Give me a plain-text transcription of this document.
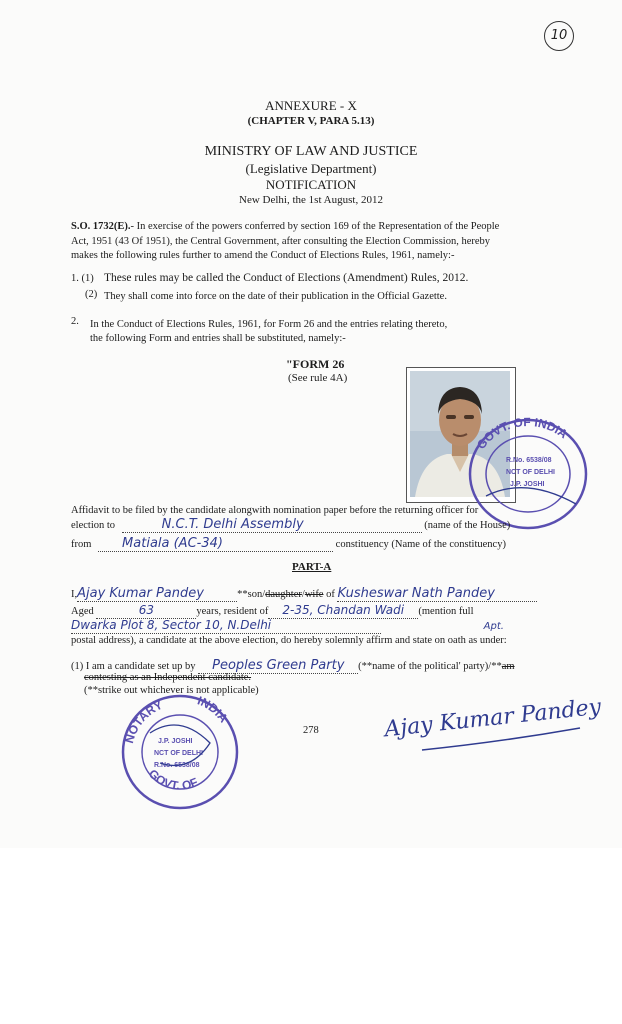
10
ANNEXURE - X
(CHAPTER V, PARA 5.13)
MINISTRY OF LAW AND JUSTICE
(Legislative Department)
NOTIFICATION
New Delhi, the 1st August, 2012
S.O. 1732(E).- In exercise of the powers conferred by section 169 of the Representation of the People
Act, 1951 (43 Of 1951), the Central Government, after consulting the Election Commission, hereby
makes the following rules further to amend the Conduct of Elections Rules, 1961, namely:-
1. (1) These rules may be called the Conduct of Elections (Amendment) Rules, 2012.
(2) They shall come into force on the date of their publication in the Official Gazette.
2. In the Conduct of Elections Rules, 1961, for Form 26 and the entries relating thereto,
the following Form and entries shall be substituted, namely:-
"FORM 26
(See rule 4A)
GOVT. OF INDIA
R.No. 6538/08
NCT OF DELHI
J.P. JOSHI
Affidavit to be filed by the candidate alongwith nomination paper before the returning officer for
election to	N.C.T. Delhi Assembly	(name of the House)
from Matiala (AC-34)	constituency (Name of the constituency)
PART-A
I,Ajay Kumar Pandey	**son/daughter/wife of Kusheswar Nath Pandey
Aged	63	years, resident of 2-35, Chandan Wadi (mention full
Dwarka Plot 8, Sector 10, N.Delhi	Apt.
postal address), a candidate at the above election, do hereby solemnly affirm and state on oath as under:
(1) I am a candidate set up by Peoples Green Party (**name of the political' party)/**am
contesting as an Independent candidate.
(**strike out whichever is not applicable)
NOTARY	INDIA
GOVT. OF
J.P. JOSHI
NCT OF DELHI
R.No. 6538/08
278	Ajay Kumar Pandey
